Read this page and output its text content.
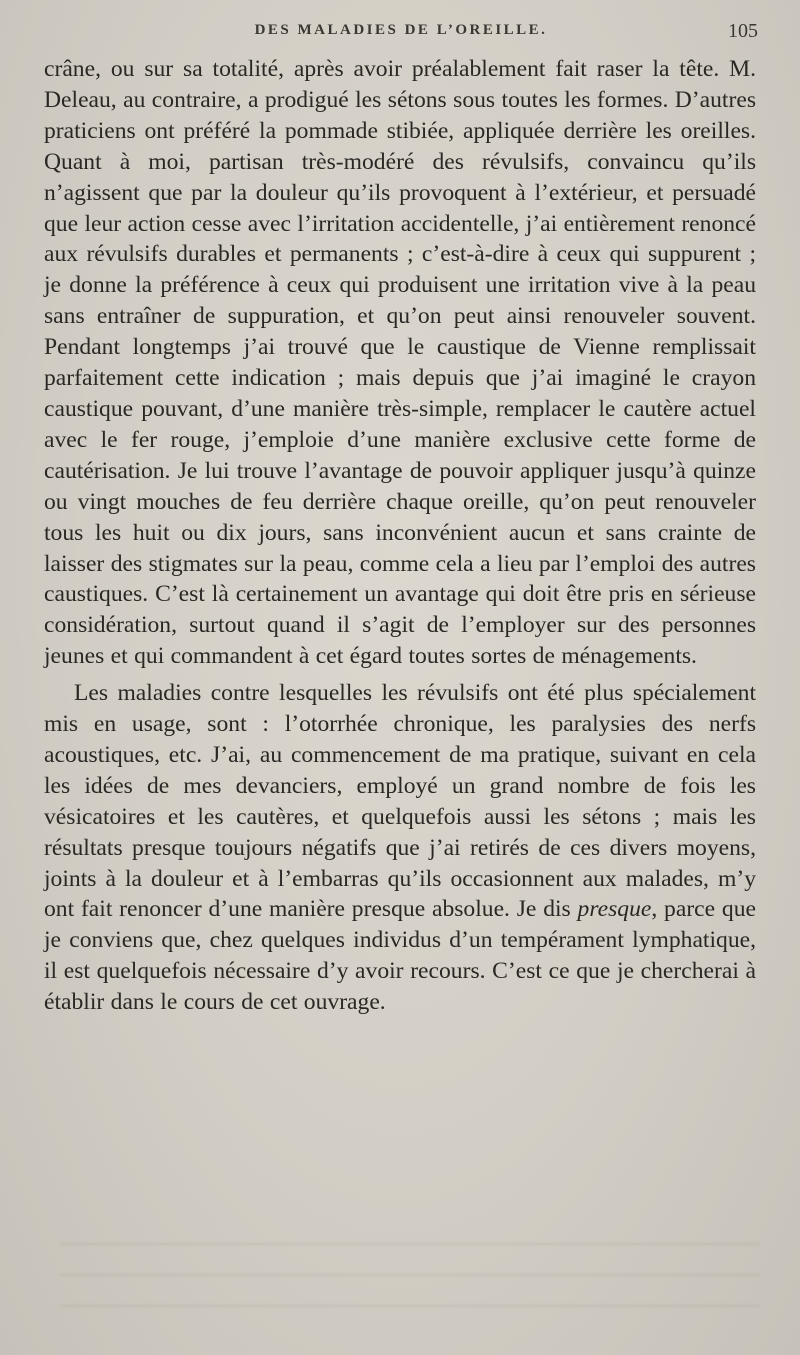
DES MALADIES DE L’OREILLE.	105

crâne, ou sur sa totalité, après avoir préalablement fait raser la tête. M. Deleau, au contraire, a prodigué les sétons sous toutes les formes. D’autres praticiens ont préféré la pommade stibiée, appliquée derrière les oreilles. Quant à moi, partisan très-modéré des révulsifs, convaincu qu’ils n’agissent que par la douleur qu’ils provoquent à l’extérieur, et persuadé que leur action cesse avec l’irritation accidentelle, j’ai entièrement renoncé aux révulsifs durables et permanents ; c’est-à-dire à ceux qui suppurent ; je donne la préférence à ceux qui produisent une irritation vive à la peau sans entraîner de suppuration, et qu’on peut ainsi renouveler souvent. Pendant longtemps j’ai trouvé que le caustique de Vienne remplissait parfaitement cette indication ; mais depuis que j’ai imaginé le crayon caustique pouvant, d’une manière très-simple, remplacer le cautère actuel avec le fer rouge, j’emploie d’une manière exclusive cette forme de cautérisation. Je lui trouve l’avantage de pouvoir appliquer jusqu’à quinze ou vingt mouches de feu derrière chaque oreille, qu’on peut renouveler tous les huit ou dix jours, sans inconvénient aucun et sans crainte de laisser des stigmates sur la peau, comme cela a lieu par l’emploi des autres caustiques. C’est là certainement un avantage qui doit être pris en sérieuse considération, surtout quand il s’agit de l’employer sur des personnes jeunes et qui commandent à cet égard toutes sortes de ménagements.

Les maladies contre lesquelles les révulsifs ont été plus spécialement mis en usage, sont : l’otorrhée chronique, les paralysies des nerfs acoustiques, etc. J’ai, au commencement de ma pratique, suivant en cela les idées de mes devanciers, employé un grand nombre de fois les vésicatoires et les cautères, et quelquefois aussi les sétons ; mais les résultats presque toujours négatifs que j’ai retirés de ces divers moyens, joints à la douleur et à l’embarras qu’ils occasionnent aux malades, m’y ont fait renoncer d’une manière presque absolue. Je dis presque, parce que je conviens que, chez quelques individus d’un tempérament lymphatique, il est quelquefois nécessaire d’y avoir recours. C’est ce que je chercherai à établir dans le cours de cet ouvrage.
